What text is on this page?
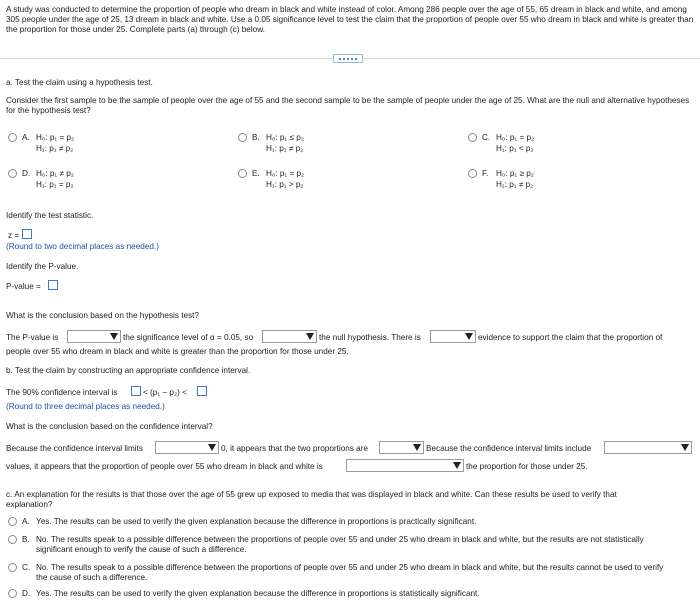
A study was conducted to determine the proportion of people who dream in black and white instead of color. Among 286 people over the age of 55, 65 dream in black and white, and among 305 people under the age of 25, 13 dream in black and white. Use a 0.05 significance level to test the claim that the proportion of people over 55 who dream in black and white is greater than the proportion for those under 25. Complete parts (a) through (c) below.
a. Test the claim using a hypothesis test.
Consider the first sample to be the sample of people over the age of 55 and the second sample to be the sample of people under the age of 25. What are the null and alternative hypotheses for the hypothesis test?
A. H₀: p₁ = p₂
H₁: p₁ ≠ p₂
B. H₀: p₁ ≤ p₂
H₁: p₁ ≠ p₂
C. H₀: p₁ = p₂
H₁: p₁ < p₂
D. H₀: p₁ ≠ p₂
H₁: p₁ = p₂
E. H₀: p₁ = p₂
H₁: p₁ > p₂
F. H₀: p₁ ≥ p₂
H₁: p₁ ≠ p₂
Identify the test statistic.
z =
(Round to two decimal places as needed.)
Identify the P-value.
P-value =
What is the conclusion based on the hypothesis test?
The P-value is	the significance level of α = 0.05, so	the null hypothesis. There is	evidence to support the claim that the proportion of
people over 55 who dream in black and white is greater than the proportion for those under 25.
b. Test the claim by constructing an appropriate confidence interval.
The 90% confidence interval is	< (p₁ − p₂) <
(Round to three decimal places as needed.)
What is the conclusion based on the confidence interval?
Because the confidence interval limits	0, it appears that the two proportions are	Because the confidence interval limits include
values, it appears that the proportion of people over 55 who dream in black and white is	the proportion for those under 25.
c. An explanation for the results is that those over the age of 55 grew up exposed to media that was displayed in black and white. Can these results be used to verify that explanation?
A. Yes. The results can be used to verify the given explanation because the difference in proportions is practically significant.
B. No. The results speak to a possible difference between the proportions of people over 55 and under 25 who dream in black and white, but the results are not statistically significant enough to verify the cause of such a difference.
C. No. The results speak to a possible difference between the proportions of people over 55 and under 25 who dream in black and white, but the results cannot be used to verify the cause of such a difference.
D. Yes. The results can be used to verify the given explanation because the difference in proportions is statistically significant.
